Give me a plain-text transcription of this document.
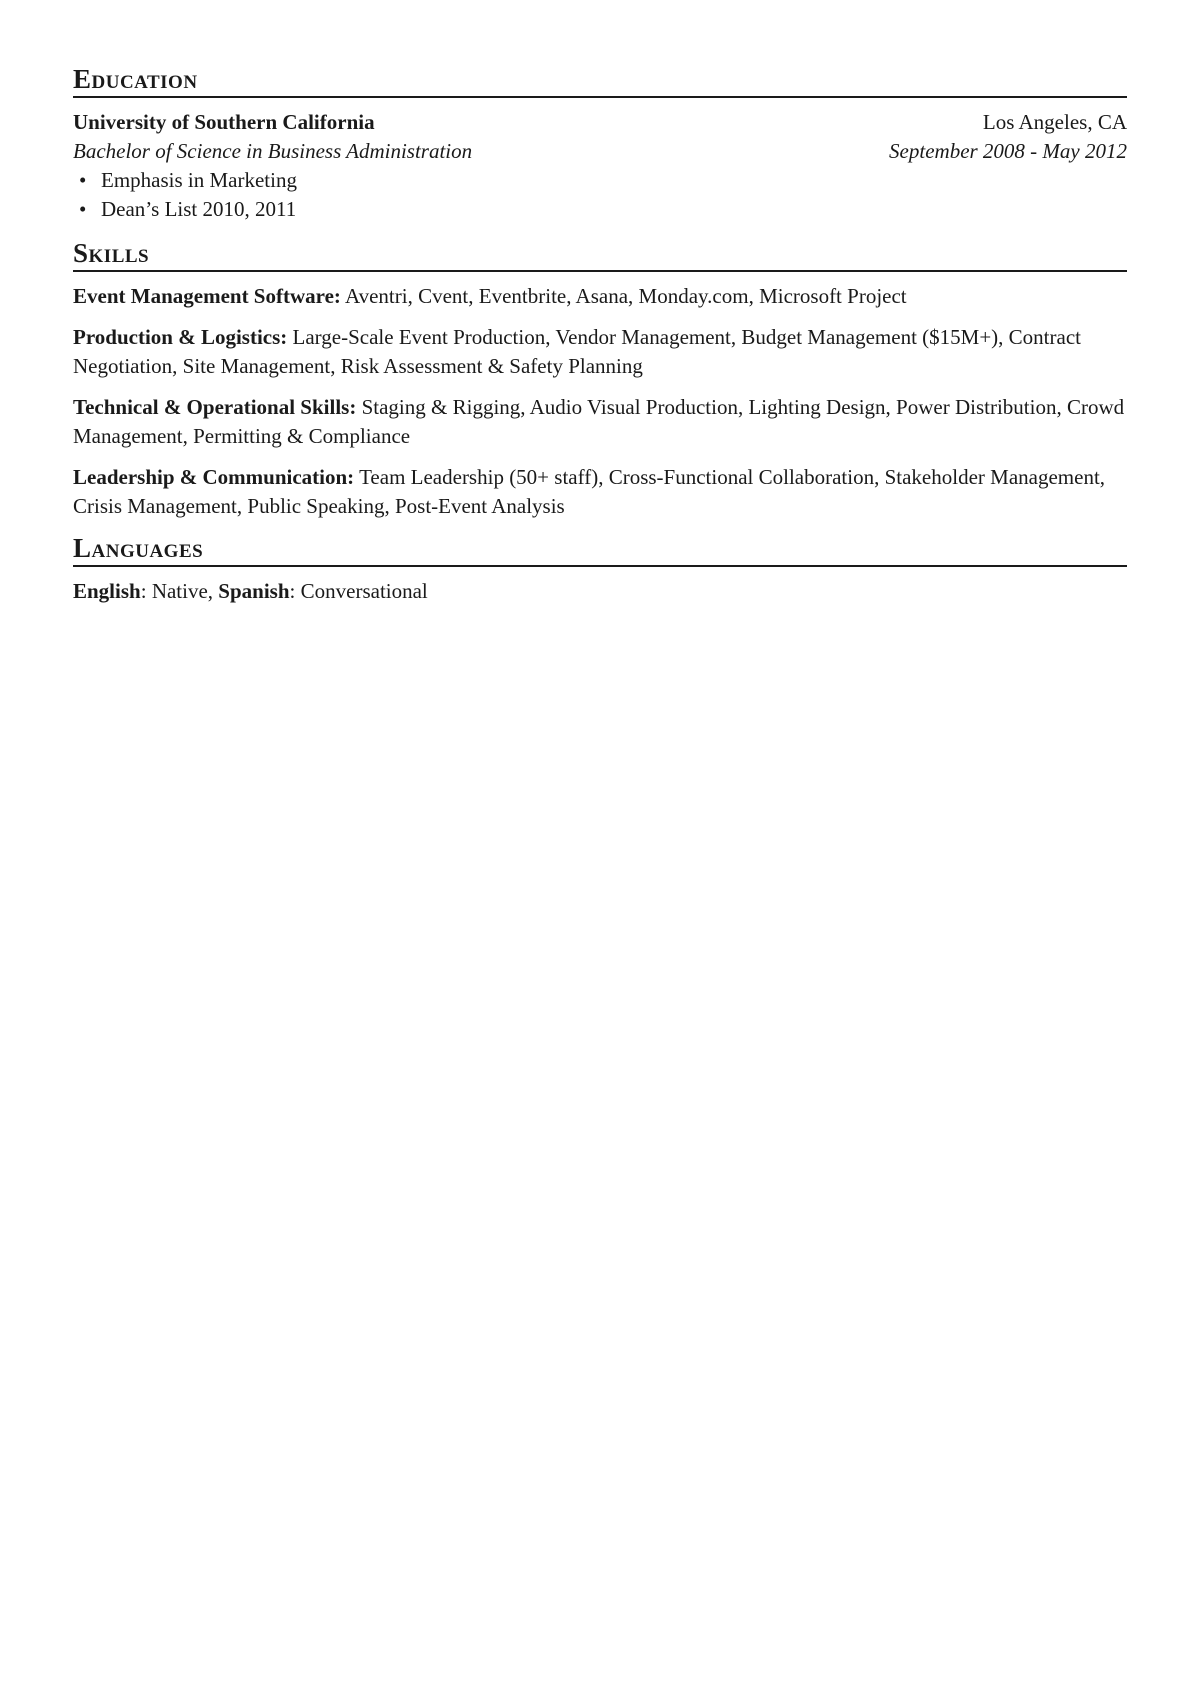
Education
University of Southern California	Los Angeles, CA
Bachelor of Science in Business Administration	September 2008 - May 2012
• Emphasis in Marketing
• Dean’s List 2010, 2011
Skills

Event Management Software: Aventri, Cvent, Eventbrite, Asana, Monday.com, Microsoft Project

Production & Logistics: Large-Scale Event Production, Vendor Management, Budget Management ($15M+), Contract Negotiation, Site Management, Risk Assessment & Safety Planning

Technical & Operational Skills: Staging & Rigging, Audio Visual Production, Lighting Design, Power Distribution, Crowd Management, Permitting & Compliance

Leadership & Communication: Team Leadership (50+ staff), Cross-Functional Collaboration, Stakeholder Management, Crisis Management, Public Speaking, Post-Event Analysis

Languages
English: Native, Spanish: Conversational
